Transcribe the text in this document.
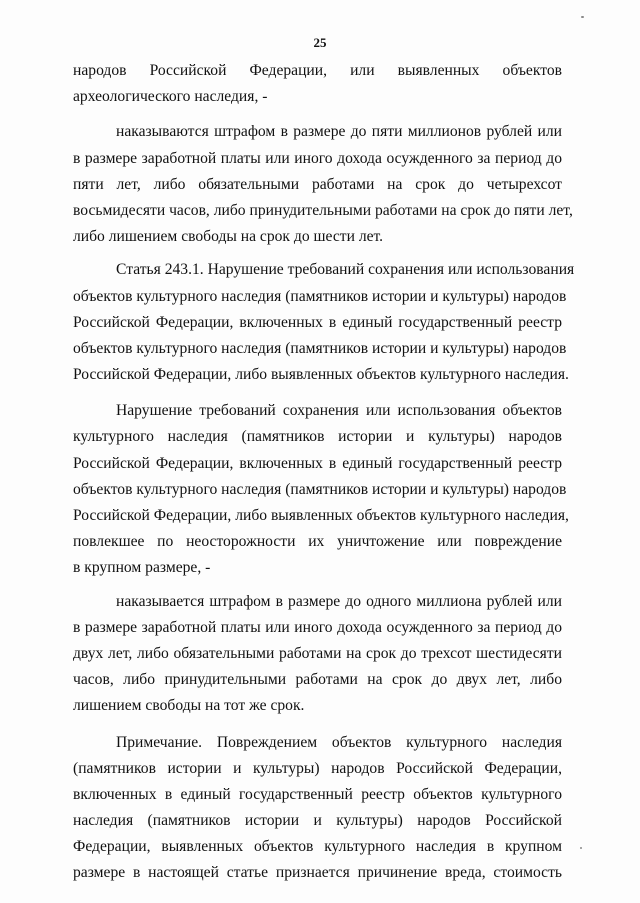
25
народов Российской Федерации, или выявленных объектов
археологического наследия, -
наказываются штрафом в размере до пяти миллионов рублей или
в размере заработной платы или иного дохода осужденного за период до
пяти лет, либо обязательными работами на срок до четырехсот
восьмидесяти часов, либо принудительными работами на срок до пяти лет,
либо лишением свободы на срок до шести лет.
Статья 243.1. Нарушение требований сохранения или использования
объектов культурного наследия (памятников истории и культуры) народов
Российской Федерации, включенных в единый государственный реестр
объектов культурного наследия (памятников истории и культуры) народов
Российской Федерации, либо выявленных объектов культурного наследия.
Нарушение требований сохранения или использования объектов
культурного наследия (памятников истории и культуры) народов
Российской Федерации, включенных в единый государственный реестр
объектов культурного наследия (памятников истории и культуры) народов
Российской Федерации, либо выявленных объектов культурного наследия,
повлекшее по неосторожности их уничтожение или повреждение
в крупном размере, -
наказывается штрафом в размере до одного миллиона рублей или
в размере заработной платы или иного дохода осужденного за период до
двух лет, либо обязательными работами на срок до трехсот шестидесяти
часов, либо принудительными работами на срок до двух лет, либо
лишением свободы на тот же срок.
Примечание. Повреждением объектов культурного наследия
(памятников истории и культуры) народов Российской Федерации,
включенных в единый государственный реестр объектов культурного
наследия (памятников истории и культуры) народов Российской
Федерации, выявленных объектов культурного наследия в крупном
размере в настоящей статье признается причинение вреда, стоимость
